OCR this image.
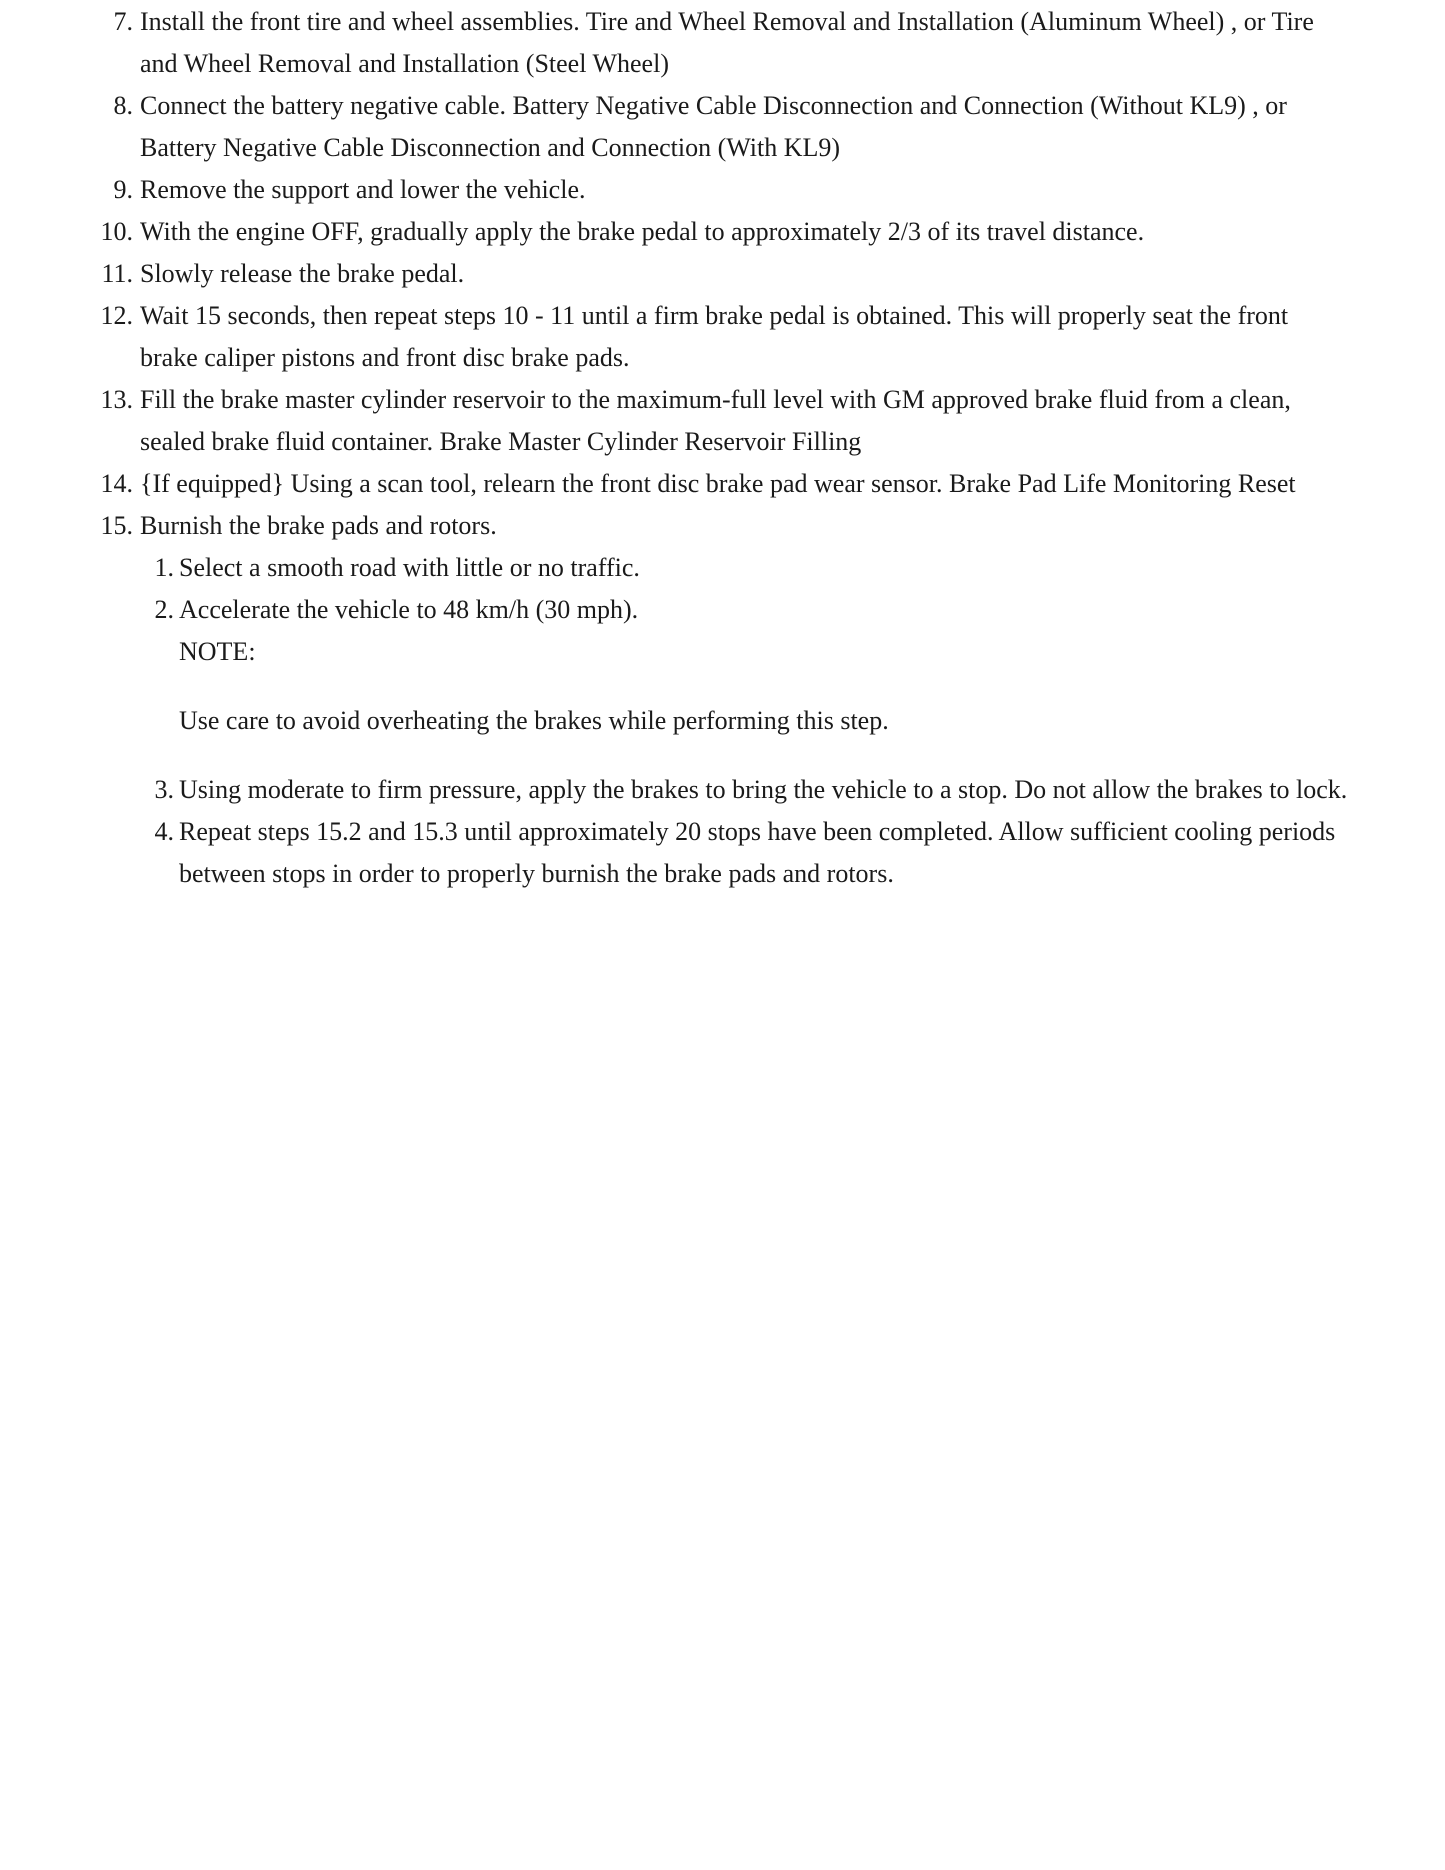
7. Install the front tire and wheel assemblies. Tire and Wheel Removal and Installation (Aluminum Wheel) , or Tire and Wheel Removal and Installation (Steel Wheel)
8. Connect the battery negative cable. Battery Negative Cable Disconnection and Connection (Without KL9) , or Battery Negative Cable Disconnection and Connection (With KL9)
9. Remove the support and lower the vehicle.
10. With the engine OFF, gradually apply the brake pedal to approximately 2/3 of its travel distance.
11. Slowly release the brake pedal.
12. Wait 15 seconds, then repeat steps 10 - 11 until a firm brake pedal is obtained. This will properly seat the front brake caliper pistons and front disc brake pads.
13. Fill the brake master cylinder reservoir to the maximum-full level with GM approved brake fluid from a clean, sealed brake fluid container. Brake Master Cylinder Reservoir Filling
14. {If equipped} Using a scan tool, relearn the front disc brake pad wear sensor. Brake Pad Life Monitoring Reset
15. Burnish the brake pads and rotors.
1. Select a smooth road with little or no traffic.
2. Accelerate the vehicle to 48 km/h (30 mph).
NOTE:
Use care to avoid overheating the brakes while performing this step.
3. Using moderate to firm pressure, apply the brakes to bring the vehicle to a stop. Do not allow the brakes to lock.
4. Repeat steps 15.2 and 15.3 until approximately 20 stops have been completed. Allow sufficient cooling periods between stops in order to properly burnish the brake pads and rotors.
